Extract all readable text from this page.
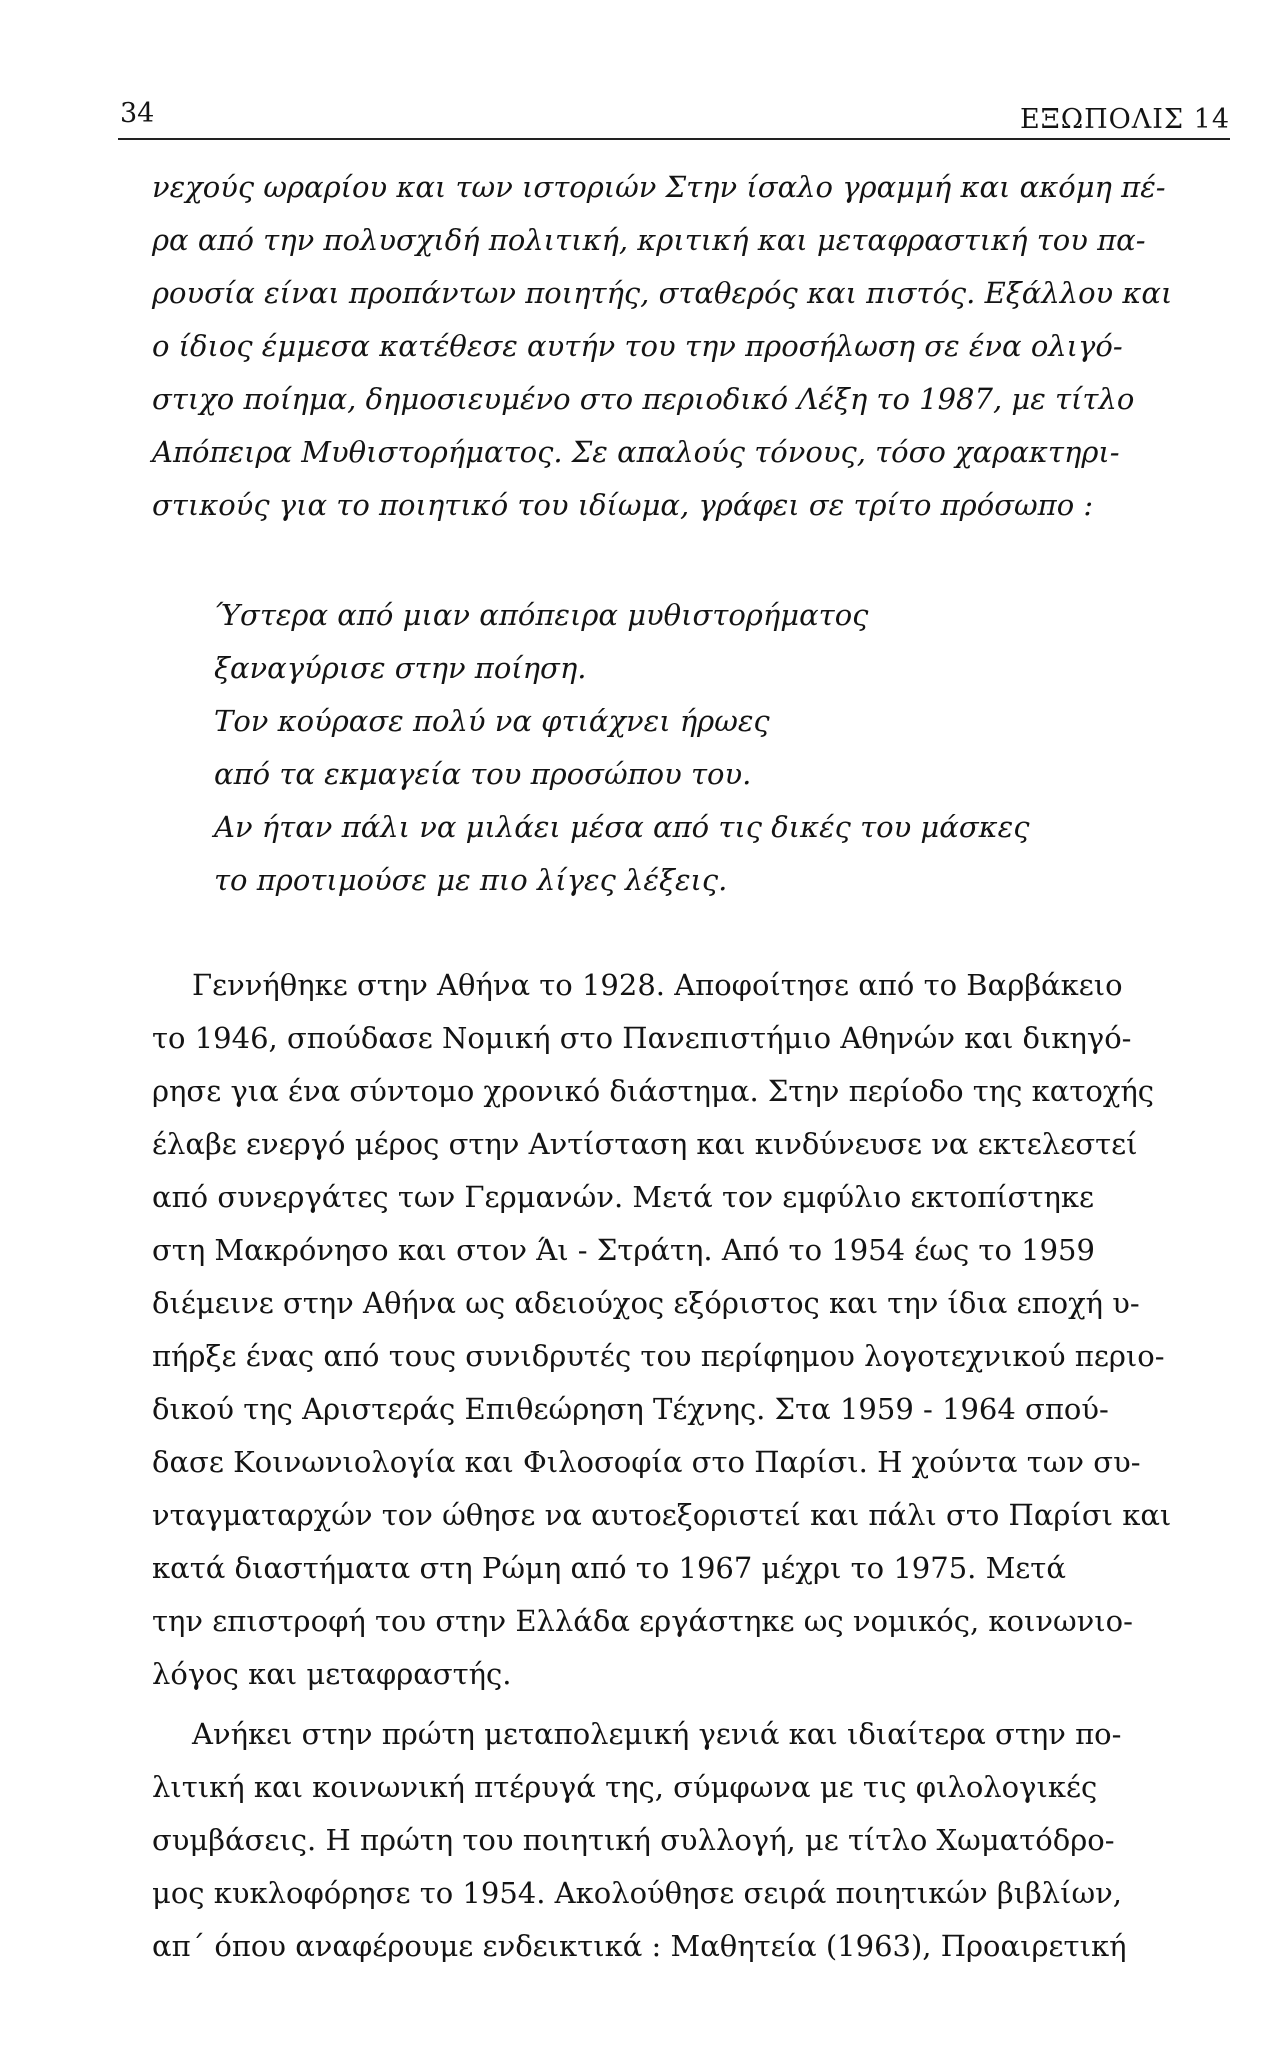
34	ΕΞΩΠΟΛΙΣ 14
νεχούς ωραρίου και των ιστοριών Στην ίσαλο γραμμή και ακόμη πέ-
ρα από την πολυσχιδή πολιτική, κριτική και μεταφραστική του πα-
ρουσία είναι προπάντων ποιητής, σταθερός και πιστός. Εξάλλου και
ο ίδιος έμμεσα κατέθεσε αυτήν του την προσήλωση σε ένα ολιγό-
στιχο ποίημα, δημοσιευμένο στο περιοδικό Λέξη το 1987, με τίτλο
Απόπειρα Μυθιστορήματος. Σε απαλούς τόνους, τόσο χαρακτηρι-
στικούς για το ποιητικό του ιδίωμα, γράφει σε τρίτο πρόσωπο :
Ύστερα από μιαν απόπειρα μυθιστορήματος
ξαναγύρισε στην ποίηση.
Τον κούρασε πολύ να φτιάχνει ήρωες
από τα εκμαγεία του προσώπου του.
Αν ήταν πάλι να μιλάει μέσα από τις δικές του μάσκες
το προτιμούσε με πιο λίγες λέξεις.
Γεννήθηκε στην Αθήνα το 1928. Αποφοίτησε από το Βαρβάκειο
το 1946, σπούδασε Νομική στο Πανεπιστήμιο Αθηνών και δικηγό-
ρησε για ένα σύντομο χρονικό διάστημα. Στην περίοδο της κατοχής
έλαβε ενεργό μέρος στην Αντίσταση και κινδύνευσε να εκτελεστεί
από συνεργάτες των Γερμανών. Μετά τον εμφύλιο εκτοπίστηκε
στη Μακρόνησο και στον Άι - Στράτη. Από το 1954 έως το 1959
διέμεινε στην Αθήνα ως αδειούχος εξόριστος και την ίδια εποχή υ-
πήρξε ένας από τους συνιδρυτές του περίφημου λογοτεχνικού περιο-
δικού της Αριστεράς Επιθεώρηση Τέχνης. Στα 1959 - 1964 σπού-
δασε Κοινωνιολογία και Φιλοσοφία στο Παρίσι. Η χούντα των συ-
νταγματαρχών τον ώθησε να αυτοεξοριστεί και πάλι στο Παρίσι και
κατά διαστήματα στη Ρώμη από το 1967 μέχρι το 1975. Μετά
την επιστροφή του στην Ελλάδα εργάστηκε ως νομικός, κοινωνιο-
λόγος και μεταφραστής.
Ανήκει στην πρώτη μεταπολεμική γενιά και ιδιαίτερα στην πο-
λιτική και κοινωνική πτέρυγά της, σύμφωνα με τις φιλολογικές
συμβάσεις. Η πρώτη του ποιητική συλλογή, με τίτλο Χωματόδρο-
μος κυκλοφόρησε το 1954. Ακολούθησε σειρά ποιητικών βιβλίων,
απ΄ όπου αναφέρουμε ενδεικτικά : Μαθητεία (1963), Προαιρετική
